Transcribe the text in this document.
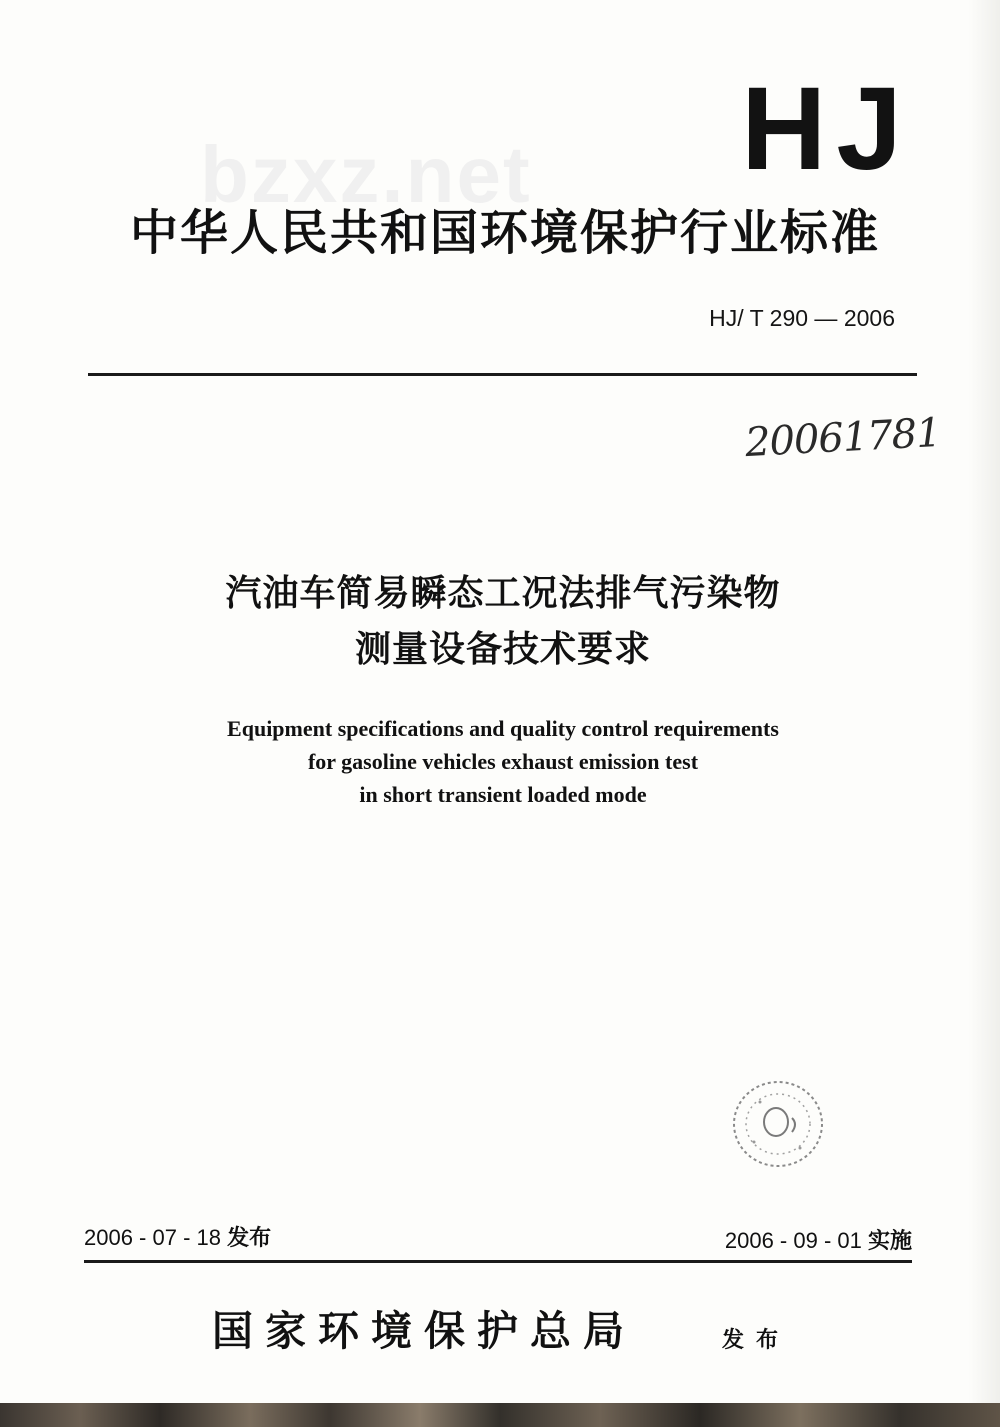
bzxz.net HJ
中华人民共和国环境保护行业标准
HJ/ T 290 — 2006
20061781
汽油车简易瞬态工况法排气污染物
测量设备技术要求
Equipment specifications and quality control requirements
for gasoline vehicles exhaust emission test
in short transient loaded mode
2006 - 07 - 18 发布	2006 - 09 - 01 实施
国家环境保护总局	发布
